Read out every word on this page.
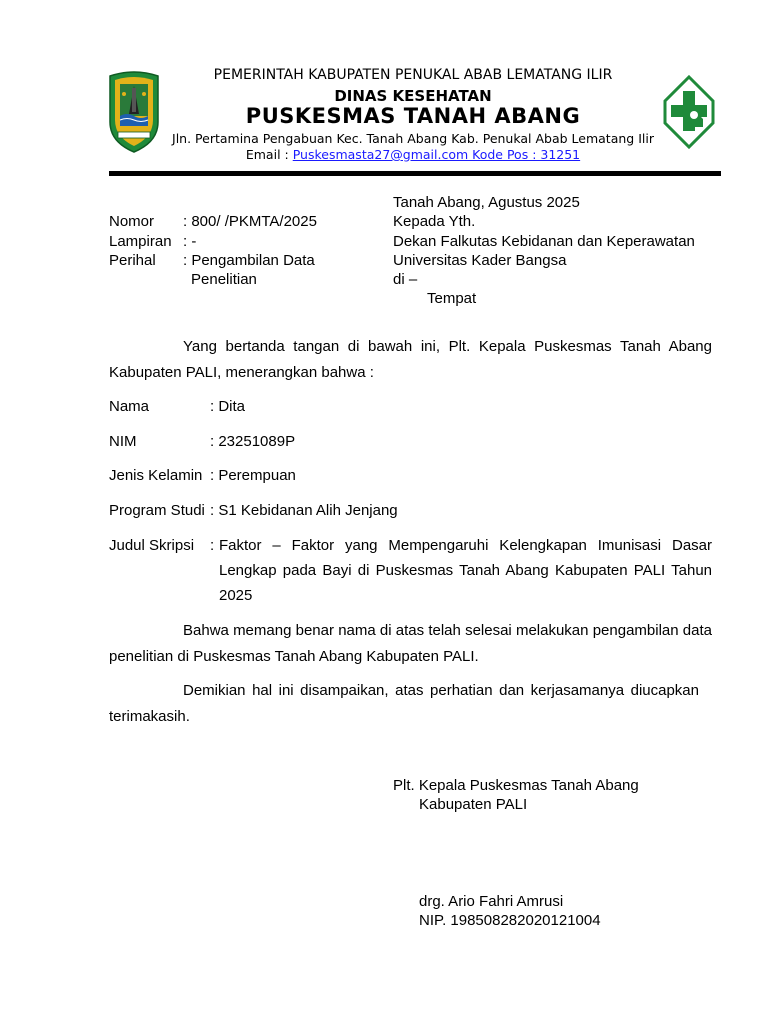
PEMERINTAH KABUPATEN PENUKAL ABAB LEMATANG ILIR
DINAS KESEHATAN
PUSKESMAS TANAH ABANG
Jln. Pertamina Pengabuan Kec. Tanah Abang Kab. Penukal Abab Lematang Ilir
Email : Puskesmasta27@gmail.com Kode Pos : 31251
Tanah Abang, Agustus 2025
Nomor : 800/ /PKMTA/2025
Lampiran : -
Perihal : Pengambilan Data
Penelitian
Kepada Yth.
Dekan Falkutas Kebidanan dan Keperawatan
Universitas Kader Bangsa
di –
Tempat
Yang bertanda tangan di bawah ini, Plt. Kepala Puskesmas Tanah Abang Kabupaten PALI, menerangkan bahwa :
Nama	: Dita
NIM	: 23251089P
Jenis Kelamin : Perempuan
Program Studi : S1 Kebidanan Alih Jenjang
Judul Skripsi : Faktor – Faktor yang Mempengaruhi Kelengkapan Imunisasi Dasar Lengkap pada Bayi di Puskesmas Tanah Abang Kabupaten PALI Tahun 2025
Bahwa memang benar nama di atas telah selesai melakukan pengambilan data penelitian di Puskesmas Tanah Abang Kabupaten PALI.
Demikian hal ini disampaikan, atas perhatian dan kerjasamanya diucapkan terimakasih.
Plt. Kepala Puskesmas Tanah Abang
Kabupaten PALI
drg. Ario Fahri Amrusi
NIP. 198508282020121004
